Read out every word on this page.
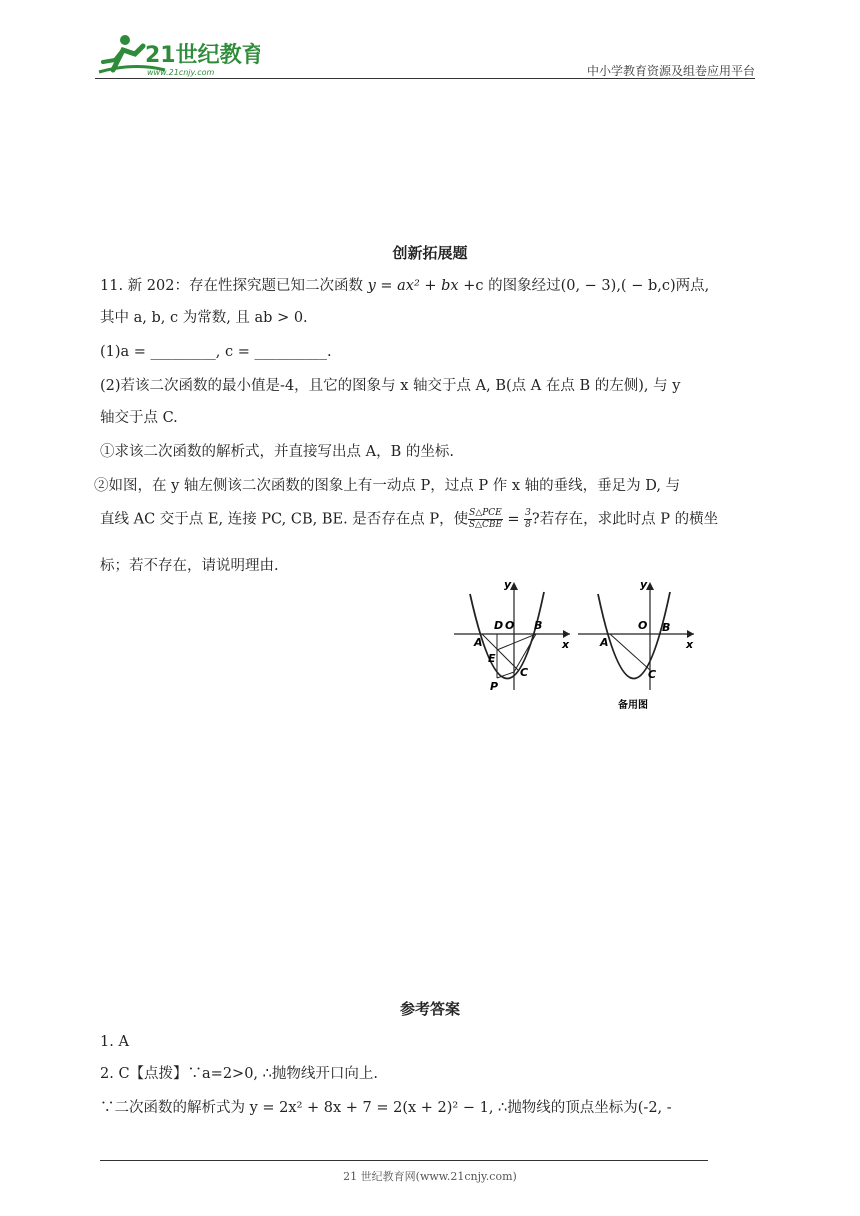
21世纪教育
www.21cnjy.com	中小学教育资源及组卷应用平台
创新拓展题
11. 新 202：存在性探究题已知二次函数 y = ax² + bx +c 的图象经过(0, − 3),( − b,c)两点,
其中 a, b, c 为常数, 且 ab > 0.
(1)a = _________, c = __________.
(2)若该二次函数的最小值是-4，且它的图象与 x 轴交于点 A, B(点 A 在点 B 的左侧), 与 y
轴交于点 C.
①求该二次函数的解析式，并直接写出点 A，B 的坐标.
②如图，在 y 轴左侧该二次函数的图象上有一动点 P，过点 P 作 x 轴的垂线，垂足为 D, 与
直线 AC 交于点 E, 连接 PC, CB, BE. 是否存在点 P，使 $\frac{\text{S△PCE}}{\text{S△CBE}} = \frac{3}{8}$ ?若存在，求此时点 P 的横坐
标；若不存在，请说明理由.
y
D O B
A	x
E
C
P
y
O B
A	x
C
备用图
参考答案
1. A
2. C【点拨】∵a=2>0, ∴抛物线开口向上.
∵二次函数的解析式为 y = 2x² + 8x + 7 = 2(x + 2)² − 1, ∴抛物线的顶点坐标为(-2, -
21 世纪教育网(www.21cnjy.com)
